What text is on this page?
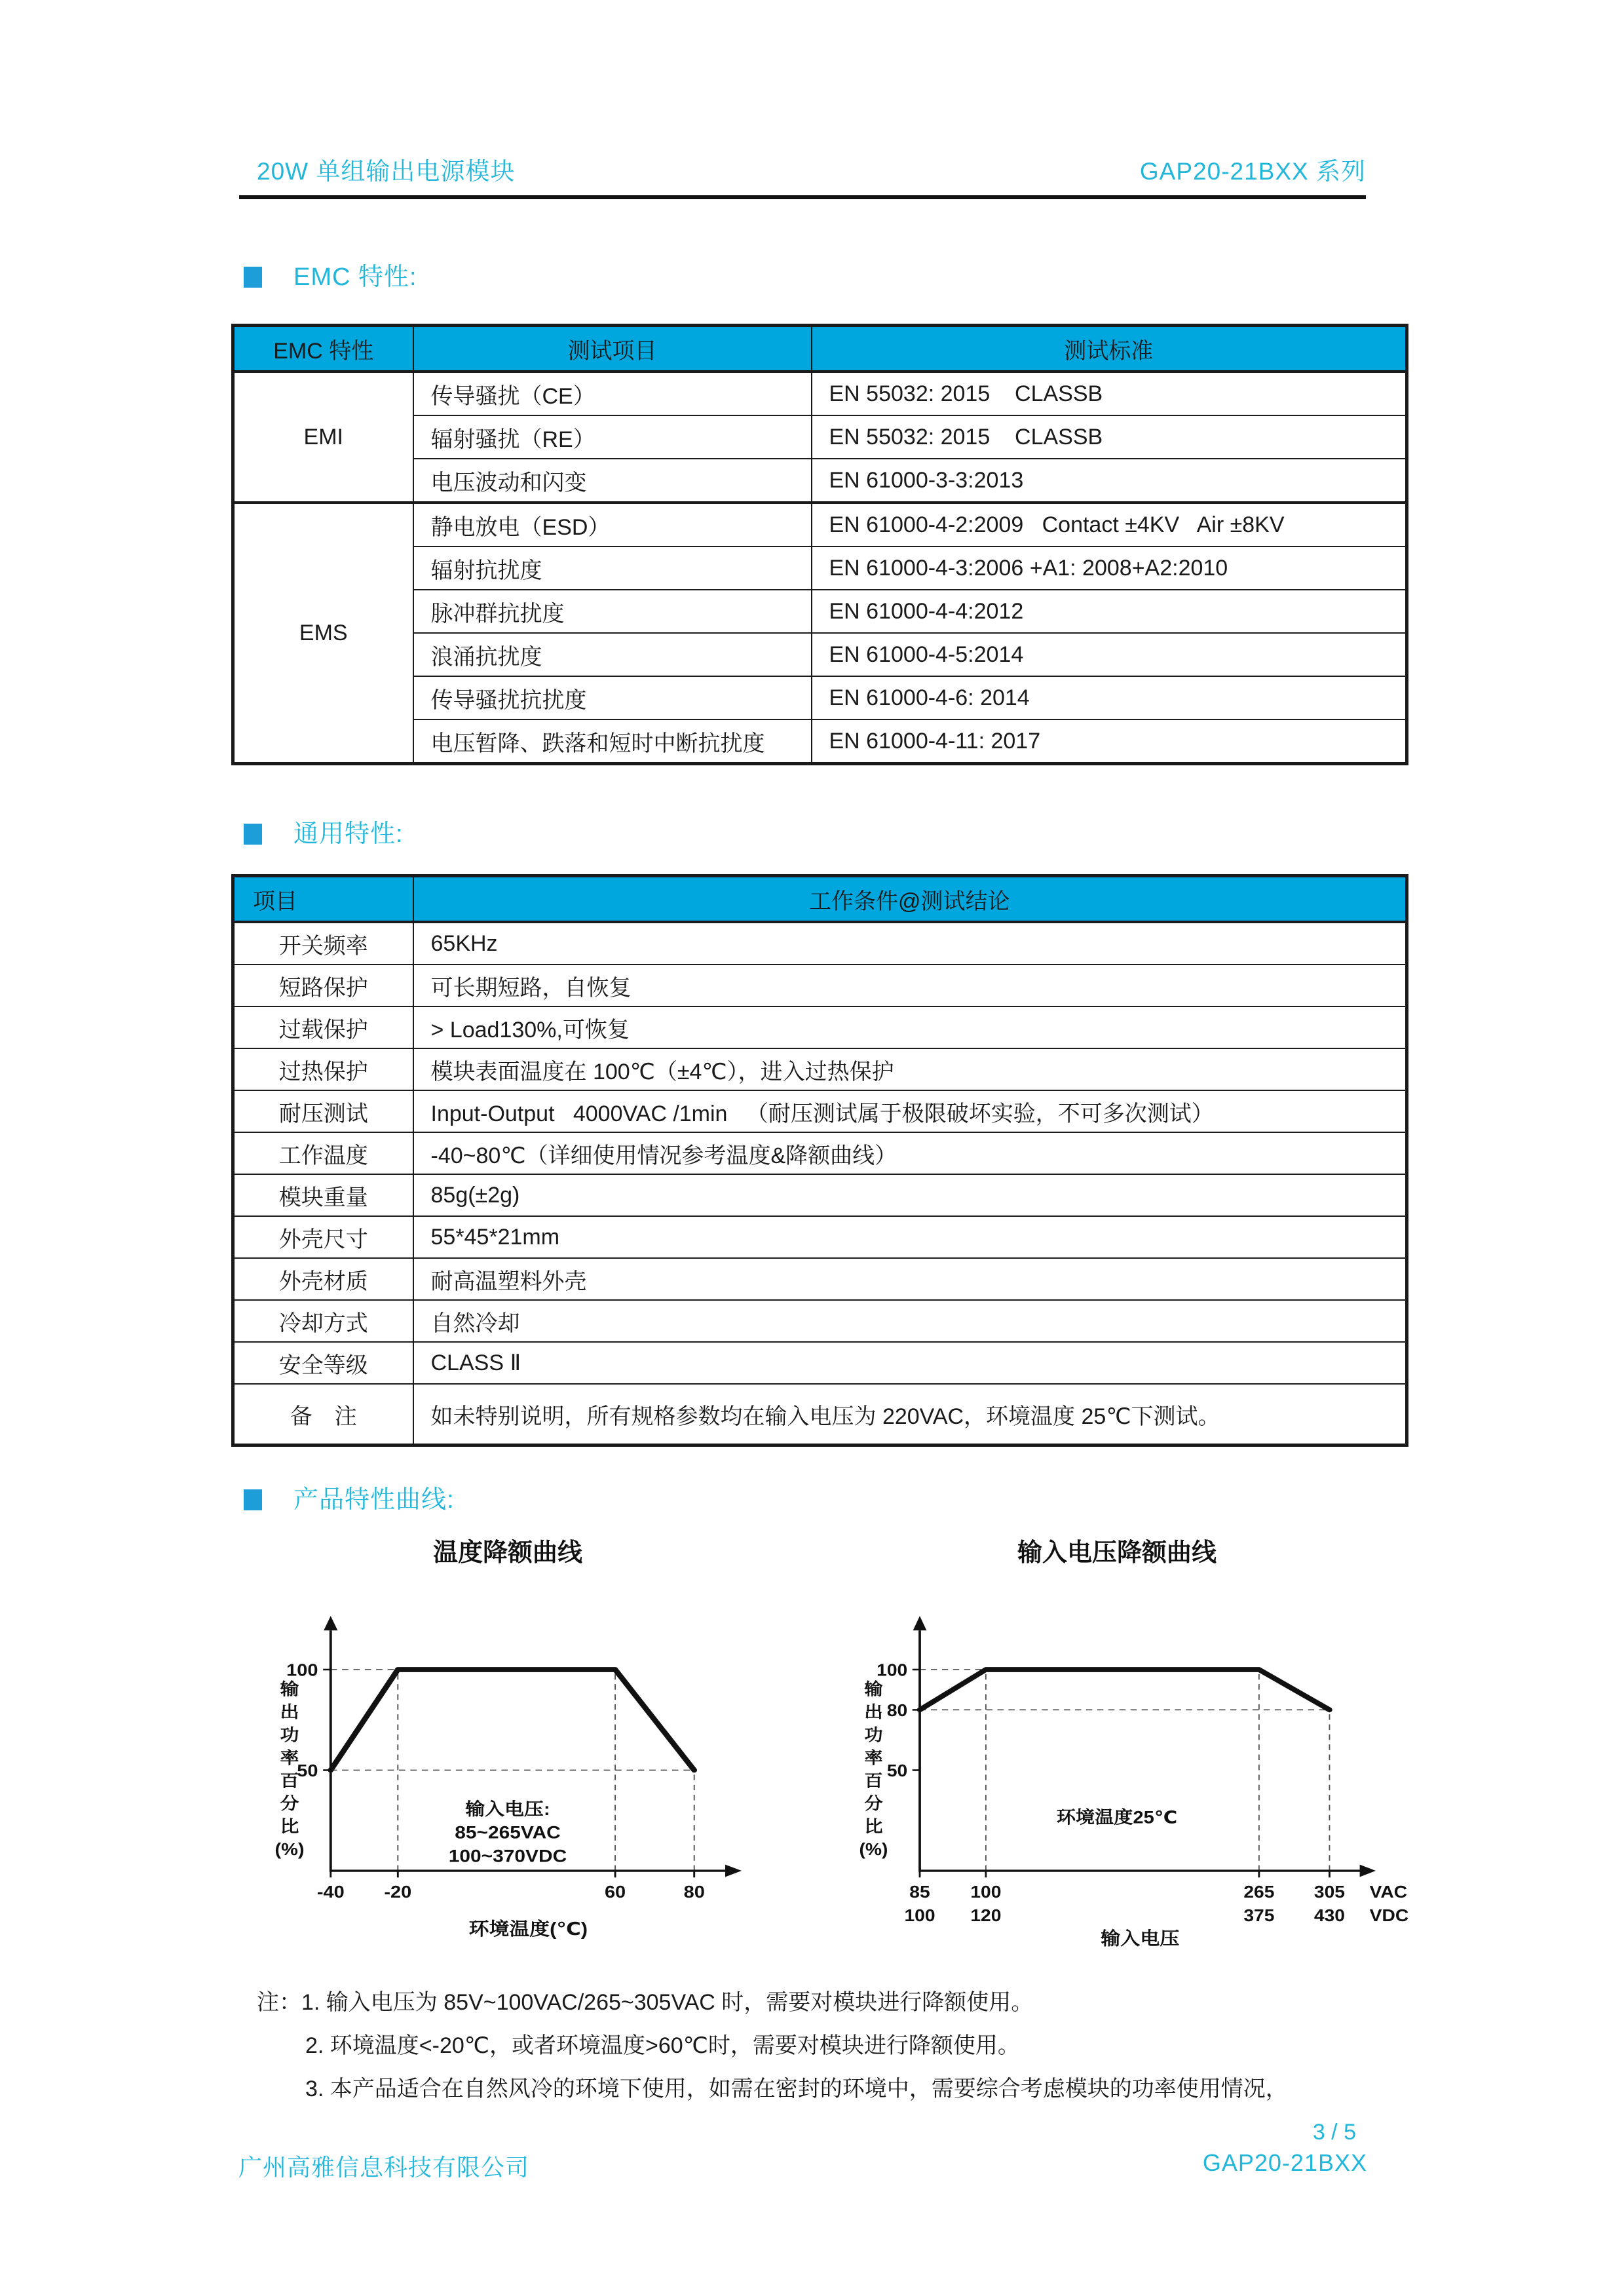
20W 单组输出电源模块	GAP20-21BXX 系列
EMC 特性:
EMC 特性	测试项目	测试标准
EMI	传导骚扰（CE）	EN 55032: 2015    CLASSB
	辐射骚扰（RE）	EN 55032: 2015    CLASSB
	电压波动和闪变	EN 61000-3-3:2013
EMS	静电放电（ESD）	EN 61000-4-2:2009   Contact ±4KV   Air ±8KV
	辐射抗扰度	EN 61000-4-3:2006 +A1: 2008+A2:2010
	脉冲群抗扰度	EN 61000-4-4:2012
	浪涌抗扰度	EN 61000-4-5:2014
	传导骚扰抗扰度	EN 61000-4-6: 2014
	电压暂降、跌落和短时中断抗扰度	EN 61000-4-11: 2017
通用特性:
项目	工作条件@测试结论
开关频率	65KHz
短路保护	可长期短路，自恢复
过载保护	> Load130%,可恢复
过热保护	模块表面温度在 100℃（±4℃），进入过热保护
耐压测试	Input-Output   4000VAC /1min   （耐压测试属于极限破坏实验，不可多次测试）
工作温度	-40~80℃（详细使用情况参考温度&降额曲线）
模块重量	85g(±2g)
外壳尺寸	55*45*21mm
外壳材质	耐高温塑料外壳
冷却方式	自然冷却
安全等级	CLASS Ⅱ
备　注	如未特别说明，所有规格参数均在输入电压为 220VAC，环境温度 25℃下测试。
产品特性曲线:
温度降额曲线
100
50
-40 -20	60	80
输
出
功
率
百
分
比
(%)
输入电压:
85~265VAC
100~370VDC
环境温度(℃)
输入电压降额曲线
100
80
50
85
100
100
120
265
375
305
430
VAC
VDC
输
出
功
率
百
分
比
(%)
环境温度25℃
输入电压
注：1. 输入电压为 85V~100VAC/265~305VAC 时，需要对模块进行降额使用。
2. 环境温度<-20℃，或者环境温度>60℃时，需要对模块进行降额使用。
3. 本产品适合在自然风冷的环境下使用，如需在密封的环境中，需要综合考虑模块的功率使用情况，
3 / 5
广州高雅信息科技有限公司	GAP20-21BXX
